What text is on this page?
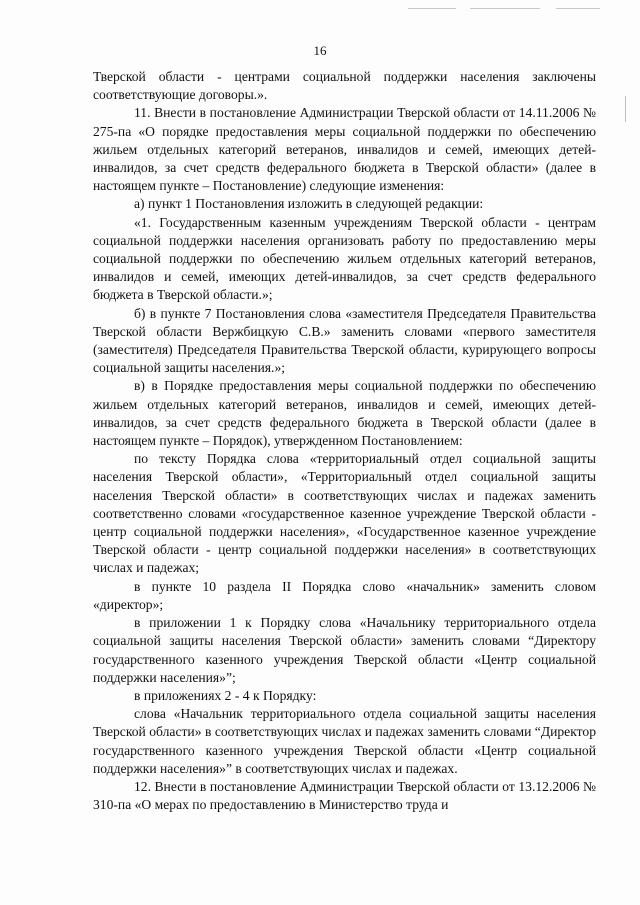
16

Тверской области - центрами социальной поддержки населения заключены соответствующие договоры.».

11. Внести в постановление Администрации Тверской области от 14.11.2006 № 275-па «О порядке предоставления меры социальной поддержки по обеспечению жильем отдельных категорий ветеранов, инвалидов и семей, имеющих детей-инвалидов, за счет средств федерального бюджета в Тверской области» (далее в настоящем пункте – Постановление) следующие изменения:

а) пункт 1 Постановления изложить в следующей редакции:

«1. Государственным казенным учреждениям Тверской области - центрам социальной поддержки населения организовать работу по предоставлению меры социальной поддержки по обеспечению жильем отдельных категорий ветеранов, инвалидов и семей, имеющих детей-инвалидов, за счет средств федерального бюджета в Тверской области.»;

б) в пункте 7 Постановления слова «заместителя Председателя Правительства Тверской области Вержбицкую С.В.» заменить словами «первого заместителя (заместителя) Председателя Правительства Тверской области, курирующего вопросы социальной защиты населения.»;

в) в Порядке предоставления меры социальной поддержки по обеспечению жильем отдельных категорий ветеранов, инвалидов и семей, имеющих детей-инвалидов, за счет средств федерального бюджета в Тверской области (далее в настоящем пункте – Порядок), утвержденном Постановлением:

по тексту Порядка слова «территориальный отдел социальной защиты населения Тверской области», «Территориальный отдел социальной защиты населения Тверской области» в соответствующих числах и падежах заменить соответственно словами «государственное казенное учреждение Тверской области - центр социальной поддержки населения», «Государственное казенное учреждение Тверской области - центр социальной поддержки населения» в соответствующих числах и падежах;

в пункте 10 раздела II Порядка слово «начальник» заменить словом «директор»;

в приложении 1 к Порядку слова «Начальнику территориального отдела социальной защиты населения Тверской области» заменить словами “Директору государственного казенного учреждения Тверской области «Центр социальной поддержки населения»”;

в приложениях 2 - 4 к Порядку:

слова «Начальник территориального отдела социальной защиты населения Тверской области» в соответствующих числах и падежах заменить словами “Директор государственного казенного учреждения Тверской области «Центр социальной поддержки населения»” в соответствующих числах и падежах.

12. Внести в постановление Администрации Тверской области от 13.12.2006 № 310-па «О мерах по предоставлению в Министерство труда и
